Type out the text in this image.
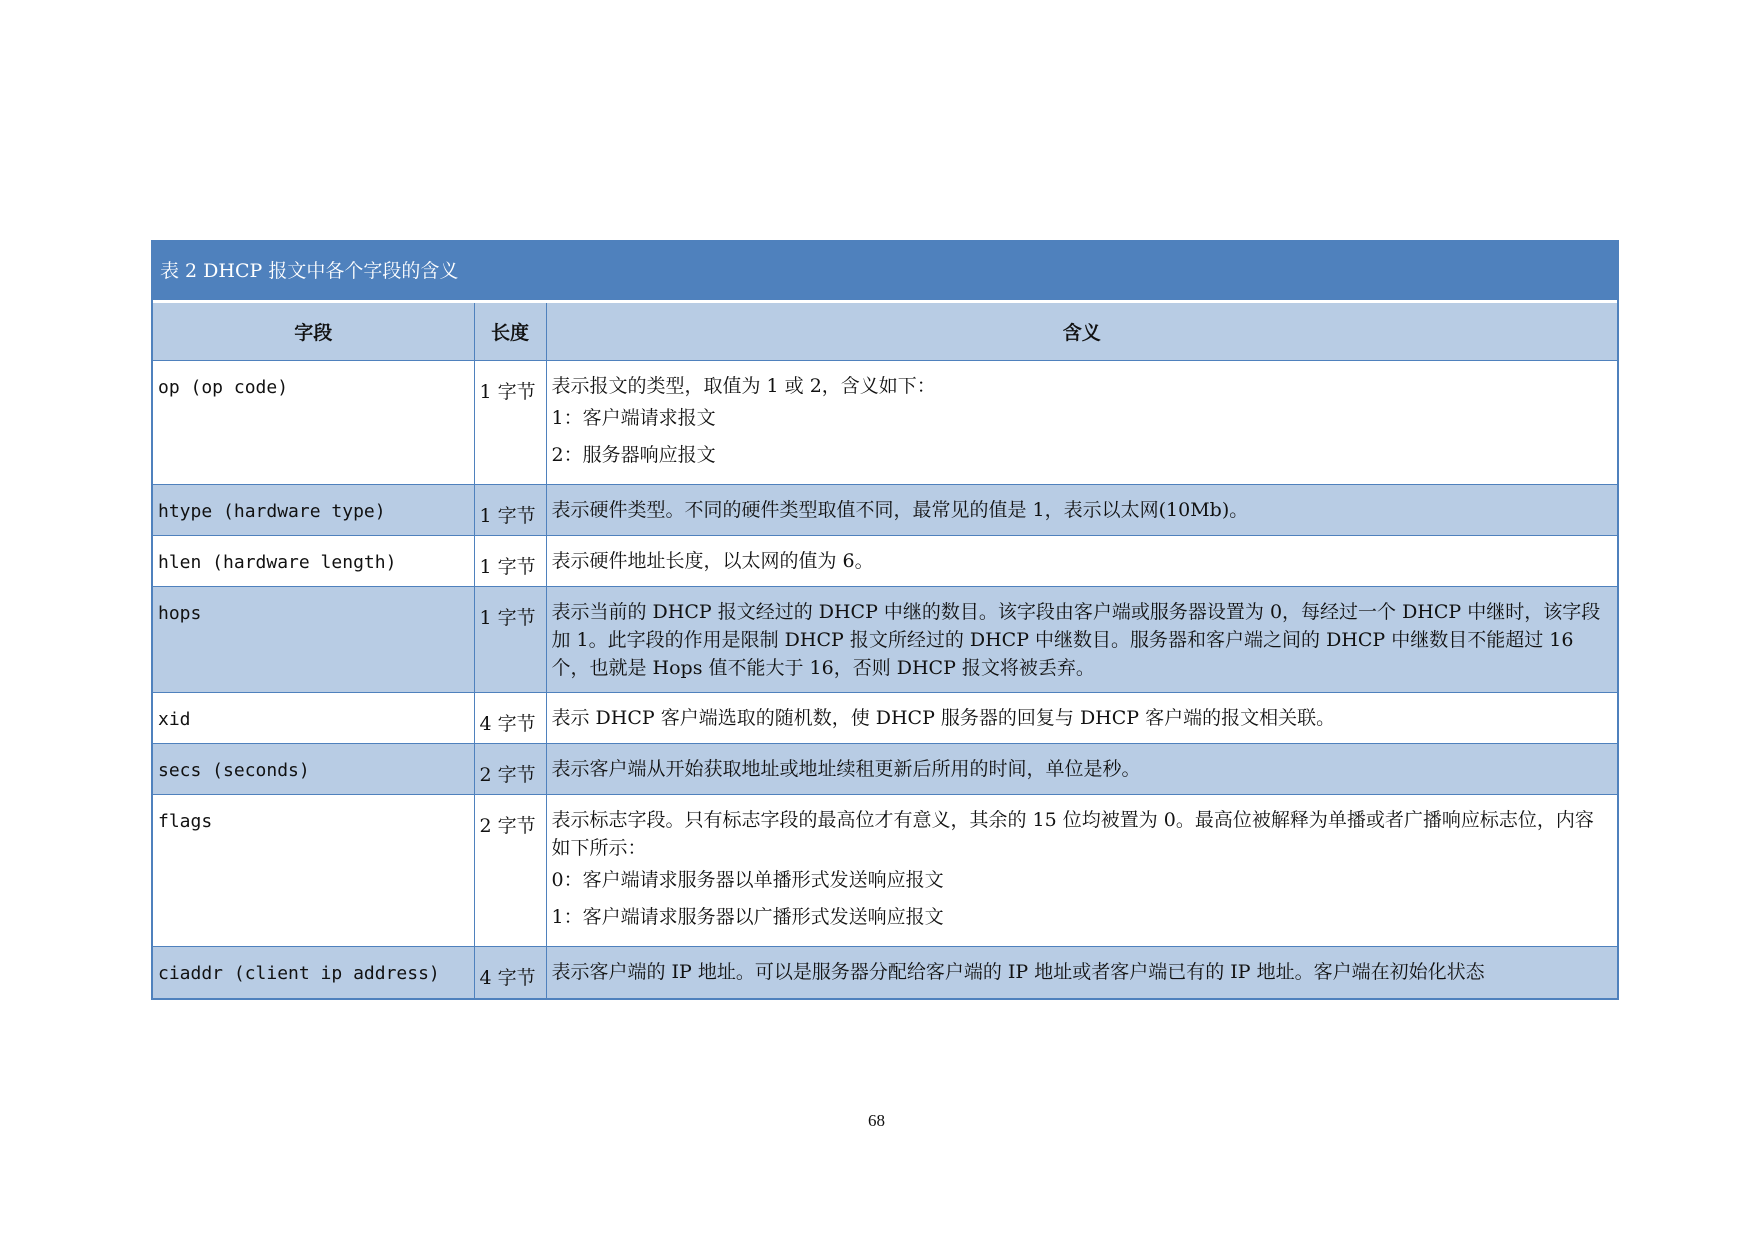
表 2 DHCP 报文中各个字段的含义
字段	长度	含义
op (op code)	1 字节	表示报文的类型，取值为 1 或 2，含义如下：
1：客户端请求报文
2：服务器响应报文

htype (hardware type)	1 字节	表示硬件类型。不同的硬件类型取值不同，最常见的值是 1，表示以太网(10Mb)。

hlen (hardware length)	1 字节	表示硬件地址长度，以太网的值为 6。

hops	1 字节	表示当前的 DHCP 报文经过的 DHCP 中继的数目。该字段由客户端或服务器设置为 0，每经过一个 DHCP 中继时，该字段加 1。此字段的作用是限制 DHCP 报文所经过的 DHCP 中继数目。服务器和客户端之间的 DHCP 中继数目不能超过 16 个，也就是 Hops 值不能大于 16，否则 DHCP 报文将被丢弃。

xid	4 字节	表示 DHCP 客户端选取的随机数，使 DHCP 服务器的回复与 DHCP 客户端的报文相关联。

secs (seconds)	2 字节	表示客户端从开始获取地址或地址续租更新后所用的时间，单位是秒。

flags	2 字节	表示标志字段。只有标志字段的最高位才有意义，其余的 15 位均被置为 0。最高位被解释为单播或者广播响应标志位，内容如下所示：
0：客户端请求服务器以单播形式发送响应报文
1：客户端请求服务器以广播形式发送响应报文

ciaddr (client ip address)	4 字节	表示客户端的 IP 地址。可以是服务器分配给客户端的 IP 地址或者客户端已有的 IP 地址。客户端在初始化状态
68
